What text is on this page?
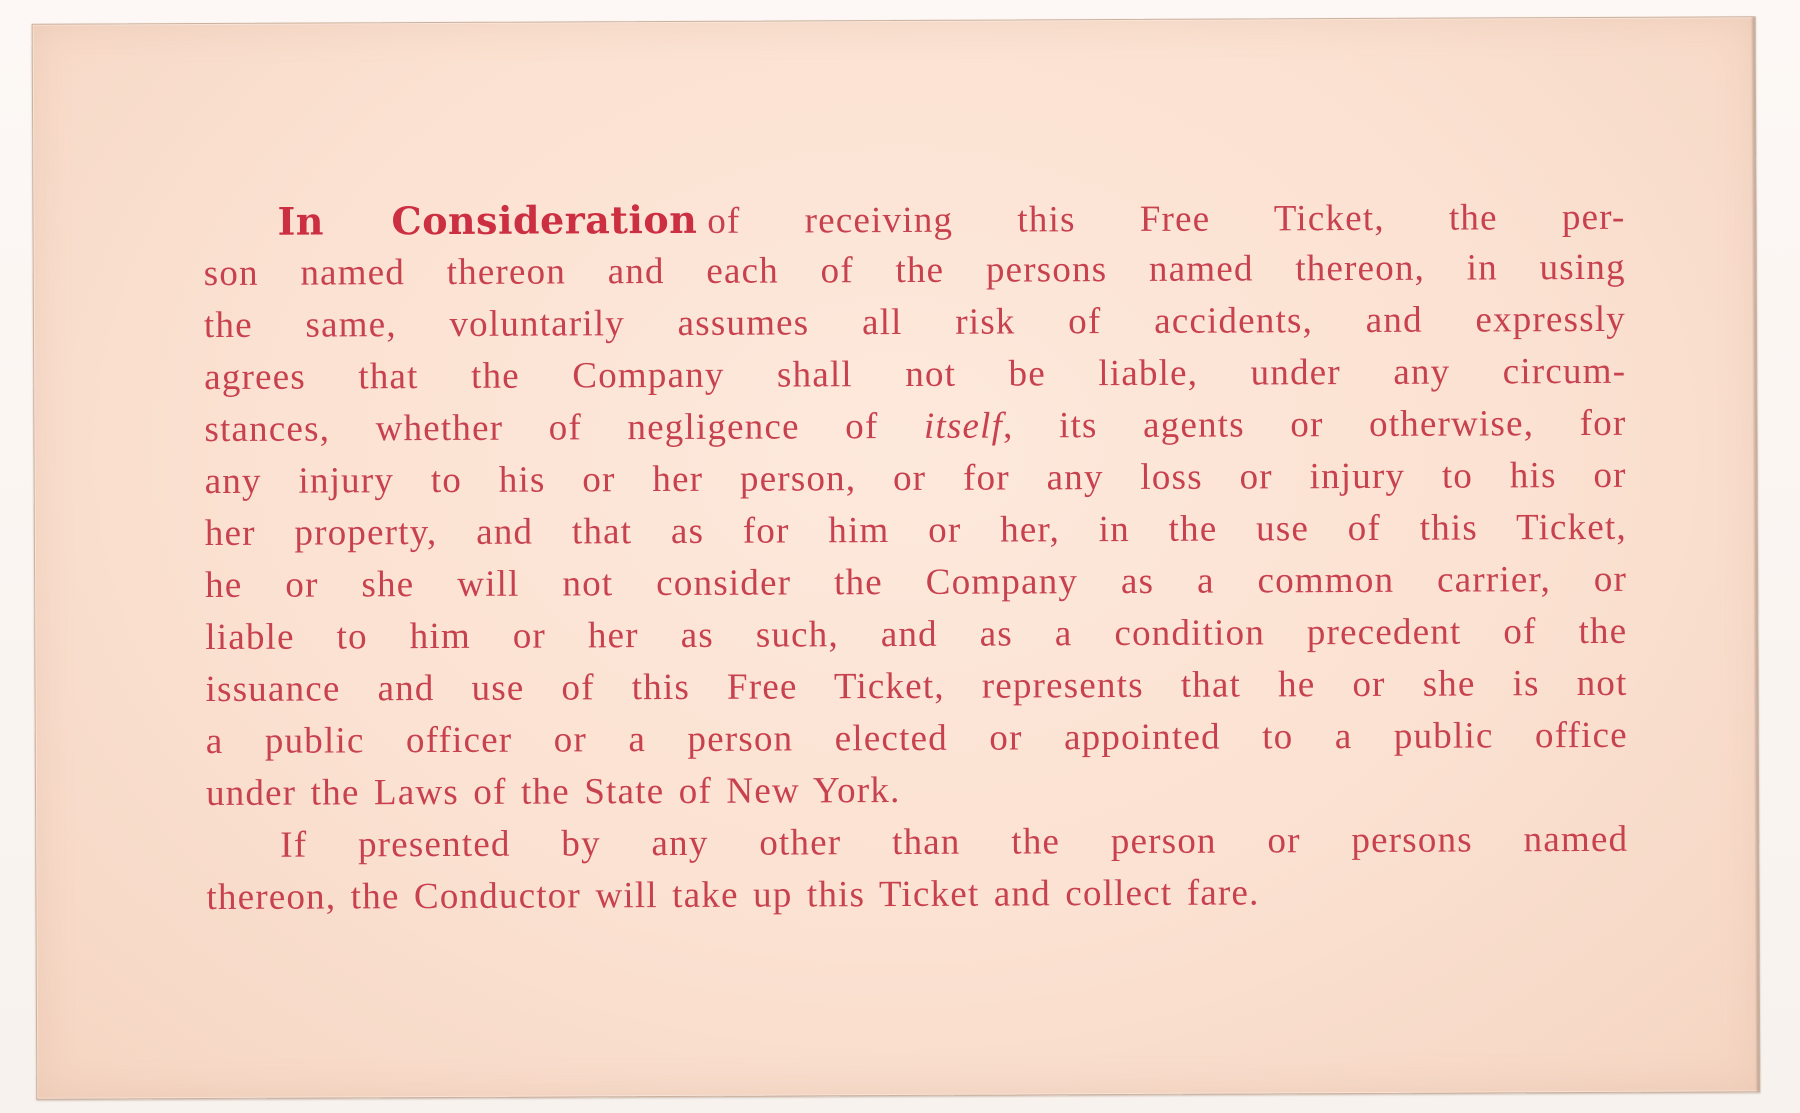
In Consideration of receiving this Free Ticket, the per-
son named thereon and each of the persons named thereon, in using
the same, voluntarily assumes all risk of accidents, and expressly
agrees that the Company shall not be liable, under any circum-
stances, whether of negligence of itself, its agents or otherwise, for
any injury to his or her person, or for any loss or injury to his or
her property, and that as for him or her, in the use of this Ticket,
he or she will not consider the Company as a common carrier, or
liable to him or her as such, and as a condition precedent of the
issuance and use of this Free Ticket, represents that he or she is not
a public officer or a person elected or appointed to a public office
under the Laws of the State of New York.
If presented by any other than the person or persons named
thereon, the Conductor will take up this Ticket and collect fare.
